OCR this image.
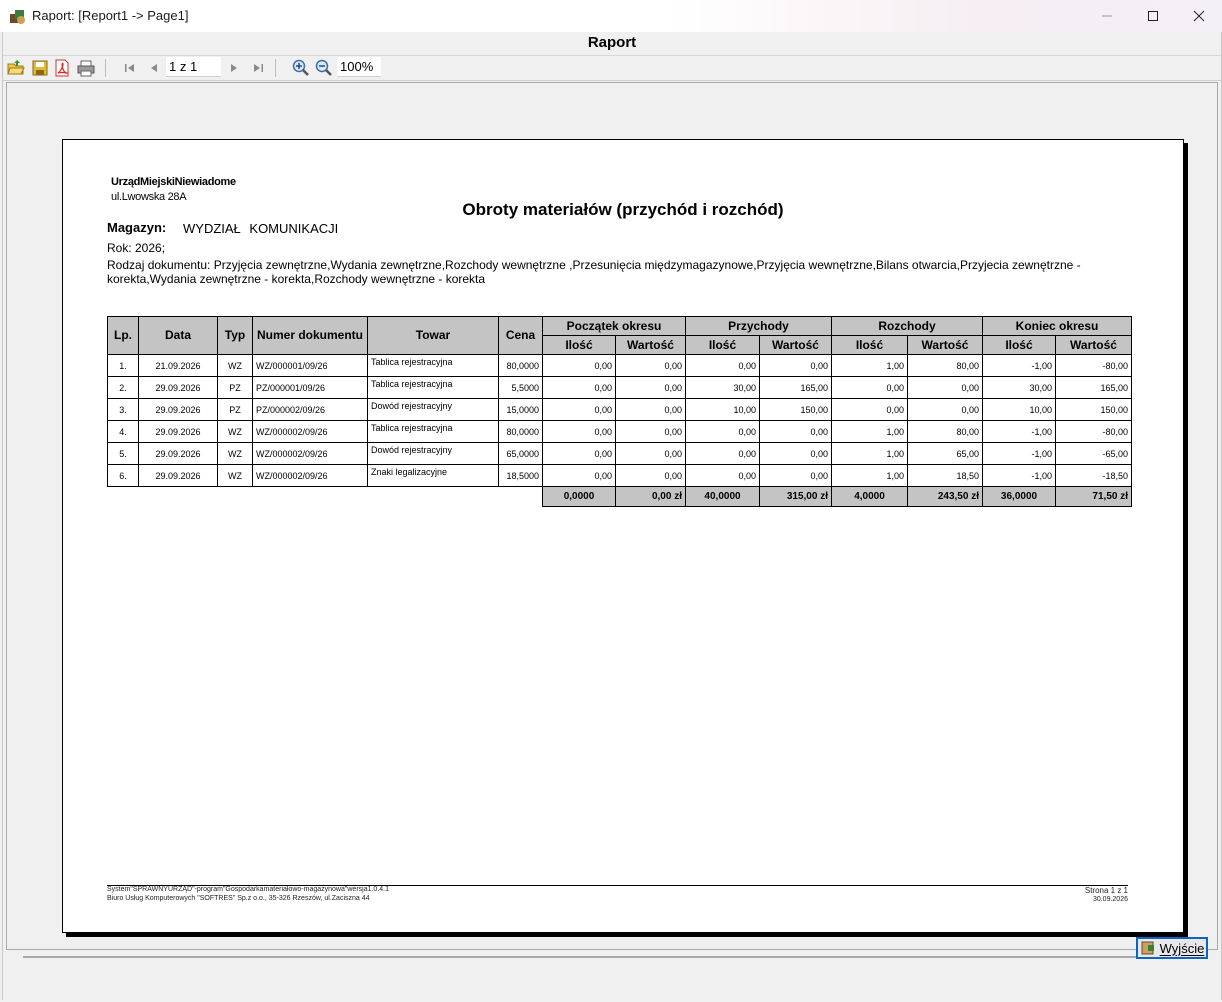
Raport: [Report1 -> Page1]
Raport
1 z 1	100%
UrządMiejskiNiewiadome
ul.Lwowska 28A
Obroty materiałów (przychód i rozchód)
Magazyn: WYDZIAŁ KOMUNIKACJI
Rok: 2026;
Rodzaj dokumentu: Przyjęcia zewnętrzne,Wydania zewnętrzne,Rozchody wewnętrzne ,Przesunięcia międzymagazynowe,Przyjęcia wewnętrzne,Bilans otwarcia,Przyjecia zewnętrzne - korekta,Wydania zewnętrzne - korekta,Rozchody wewnętrzne - korekta
Lp.	Data	Typ	Numer dokumentu	Towar	Cena	Początek okresu		Przychody		Rozchody		Koniec okresu	
						Ilość	Wartość	Ilość	Wartość	Ilość	Wartość	Ilość	Wartość
1.	21.09.2026	WZ	WZ/000001/09/26	Tablica rejestracyjna	80,0000	0,00	0,00	0,00	0,00	1,00	80,00	-1,00	-80,00
2.	29.09.2026	PZ	PZ/000001/09/26	Tablica rejestracyjna	5,5000	0,00	0,00	30,00	165,00	0,00	0,00	30,00	165,00
3.	29.09.2026	PZ	PZ/000002/09/26	Dowód rejestracyjny	15,0000	0,00	0,00	10,00	150,00	0,00	0,00	10,00	150,00
4.	29.09.2026	WZ	WZ/000002/09/26	Tablica rejestracyjna	80,0000	0,00	0,00	0,00	0,00	1,00	80,00	-1,00	-80,00
5.	29.09.2026	WZ	WZ/000002/09/26	Dowód rejestracyjny	65,0000	0,00	0,00	0,00	0,00	1,00	65,00	-1,00	-65,00
6.	29.09.2026	WZ	WZ/000002/09/26	Znaki legalizacyjne	18,5000	0,00	0,00	0,00	0,00	1,00	18,50	-1,00	-18,50
						0,0000	0,00 zł	40,0000	315,00 zł	4,0000	243,50 zł	36,0000	71,50 zł
System"SPRAWNYURZĄD"-program"Gospodarkamateriałowo-magazynowa"wersja1.0.4.1
Biuro Usług Komputerowych "SOFTRES" Sp.z o.o., 35-326 Rzeszów, ul.Zaciszna 44
Strona 1 z 1
30.09.2026
Wyjście
